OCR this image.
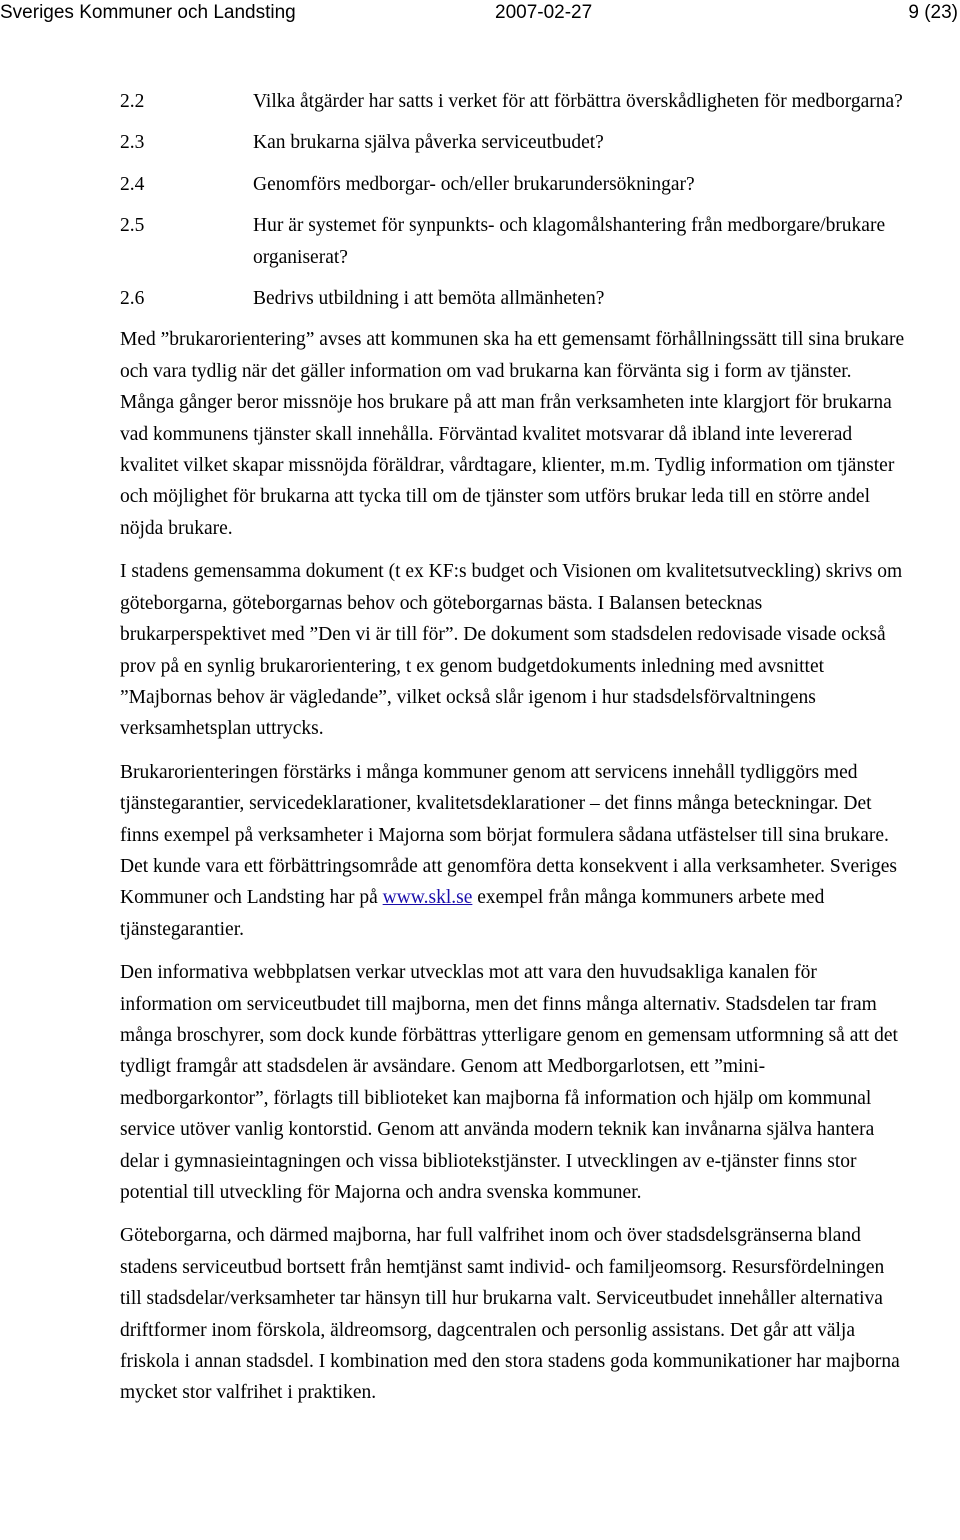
Sveriges Kommuner och Landsting	2007-02-27	9 (23)
2.2	Vilka åtgärder har satts i verket för att förbättra överskådligheten för medborgarna?
2.3	Kan brukarna själva påverka serviceutbudet?
2.4	Genomförs medborgar- och/eller brukarundersökningar?
2.5	Hur är systemet för synpunkts- och klagomålshantering från medborgare/brukare organiserat?
2.6	Bedrivs utbildning i att bemöta allmänheten?

Med ”brukarorientering” avses att kommunen ska ha ett gemensamt förhållningssätt till sina brukare och vara tydlig när det gäller information om vad brukarna kan förvänta sig i form av tjänster. Många gånger beror missnöje hos brukare på att man från verksamheten inte klargjort för brukarna vad kommunens tjänster skall innehålla. Förväntad kvalitet motsvarar då ibland inte levererad kvalitet vilket skapar missnöjda föräldrar, vårdtagare, klienter, m.m. Tydlig information om tjänster och möjlighet för brukarna att tycka till om de tjänster som utförs brukar leda till en större andel nöjda brukare.

I stadens gemensamma dokument (t ex KF:s budget och Visionen om kvalitetsutveckling) skrivs om göteborgarna, göteborgarnas behov och göteborgarnas bästa. I Balansen betecknas brukarperspektivet med ”Den vi är till för”. De dokument som stadsdelen redovisade visade också prov på en synlig brukarorientering, t ex genom budgetdokuments inledning med avsnittet ”Majbornas behov är vägledande”, vilket också slår igenom i hur stadsdelsförvaltningens verksamhetsplan uttrycks.

Brukarorienteringen förstärks i många kommuner genom att servicens innehåll tydliggörs med tjänstegarantier, servicedeklarationer, kvalitetsdeklarationer – det finns många beteckningar. Det finns exempel på verksamheter i Majorna som börjat formulera sådana utfästelser till sina brukare. Det kunde vara ett förbättringsområde att genomföra detta konsekvent i alla verksamheter. Sveriges Kommuner och Landsting har på www.skl.se exempel från många kommuners arbete med tjänstegarantier.

Den informativa webbplatsen verkar utvecklas mot att vara den huvudsakliga kanalen för information om serviceutbudet till majborna, men det finns många alternativ. Stadsdelen tar fram många broschyrer, som dock kunde förbättras ytterligare genom en gemensam utformning så att det tydligt framgår att stadsdelen är avsändare. Genom att Medborgarlotsen, ett ”mini-medborgarkontor”, förlagts till biblioteket kan majborna få information och hjälp om kommunal service utöver vanlig kontorstid. Genom att använda modern teknik kan invånarna själva hantera delar i gymnasieintagningen och vissa bibliotekstjänster. I utvecklingen av e-tjänster finns stor potential till utveckling för Majorna och andra svenska kommuner.

Göteborgarna, och därmed majborna, har full valfrihet inom och över stadsdelsgränserna bland stadens serviceutbud bortsett från hemtjänst samt individ- och familjeomsorg. Resursfördelningen till stadsdelar/verksamheter tar hänsyn till hur brukarna valt. Serviceutbudet innehåller alternativa driftformer inom förskola, äldreomsorg, dagcentralen och personlig assistans. Det går att välja friskola i annan stadsdel. I kombination med den stora stadens goda kommunikationer har majborna mycket stor valfrihet i praktiken.
